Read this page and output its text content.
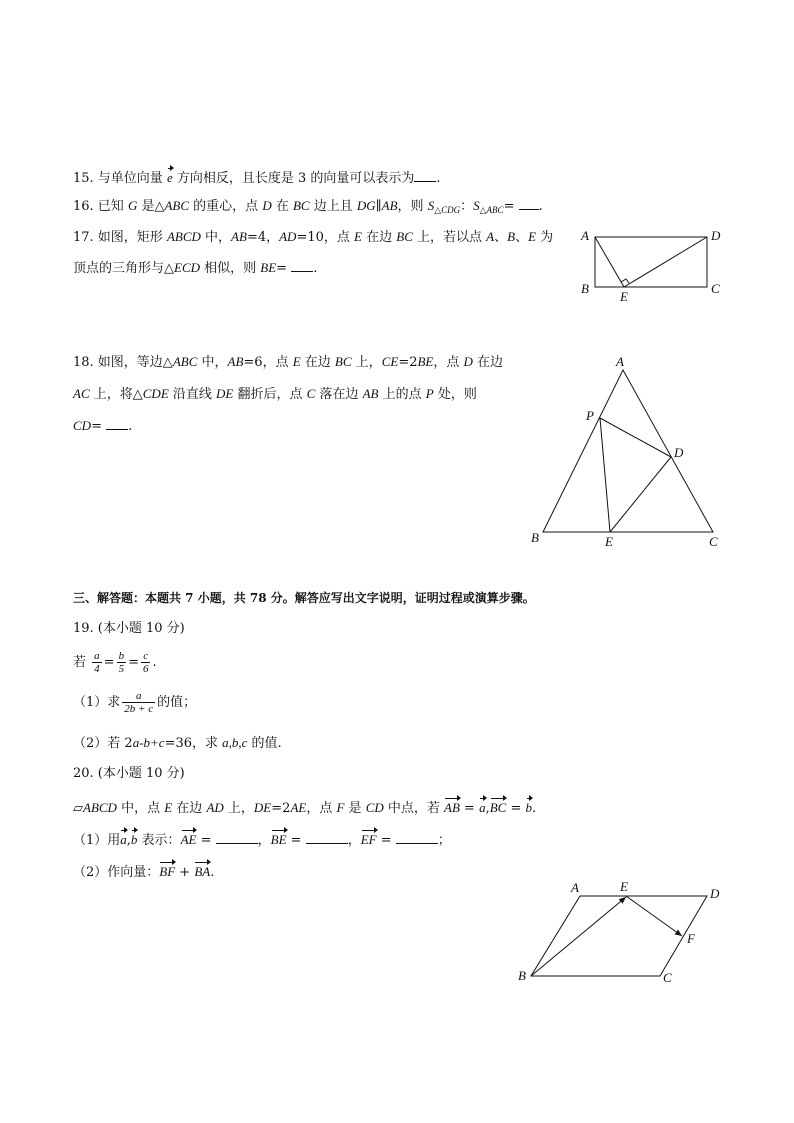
15. 与单位向量 e 方向相反，且长度是 3 的向量可以表示为 .
16. 已知 G 是△ABC 的重心，点 D 在 BC 边上且 DG∥AB，则 $S_{\triangle CDG}$：$S_{\triangle ABC}=$ .
17. 如图，矩形 ABCD 中，AB=4，AD=10，点 E 在边 BC 上，若以点 A、B、E 为
顶点的三角形与△ECD 相似，则 BE= .
A	D
B
E
C
18. 如图，等边△ABC 中，AB=6，点 E 在边 BC 上，CE=2BE，点 D 在边
AC 上，将△CDE 沿直线 DE 翻折后，点 C 落在边 AB 上的点 P 处，则
CD= .
A
P
D
B	E	C
三、解答题：本题共 7 小题，共 78 分。解答应写出文字说明，证明过程或演算步骤。
19. (本小题 10 分)
若 $\frac{a}{4} = \frac{b}{5} = \frac{c}{6}$ .
（1）求 $\frac{a}{2b + c}$ 的值；
（2）若 2a-b+c=36，求 a,b,c 的值.
20. (本小题 10 分)
▱ABCD 中，点 E 在边 AD 上，DE=2AE，点 F 是 CD 中点，若 AB = a,BC = b.
（1）用a,b 表示：AE =	，BE =	，EF =	；
（2）作向量：BF + BA.
A	E	D
F
B	C
